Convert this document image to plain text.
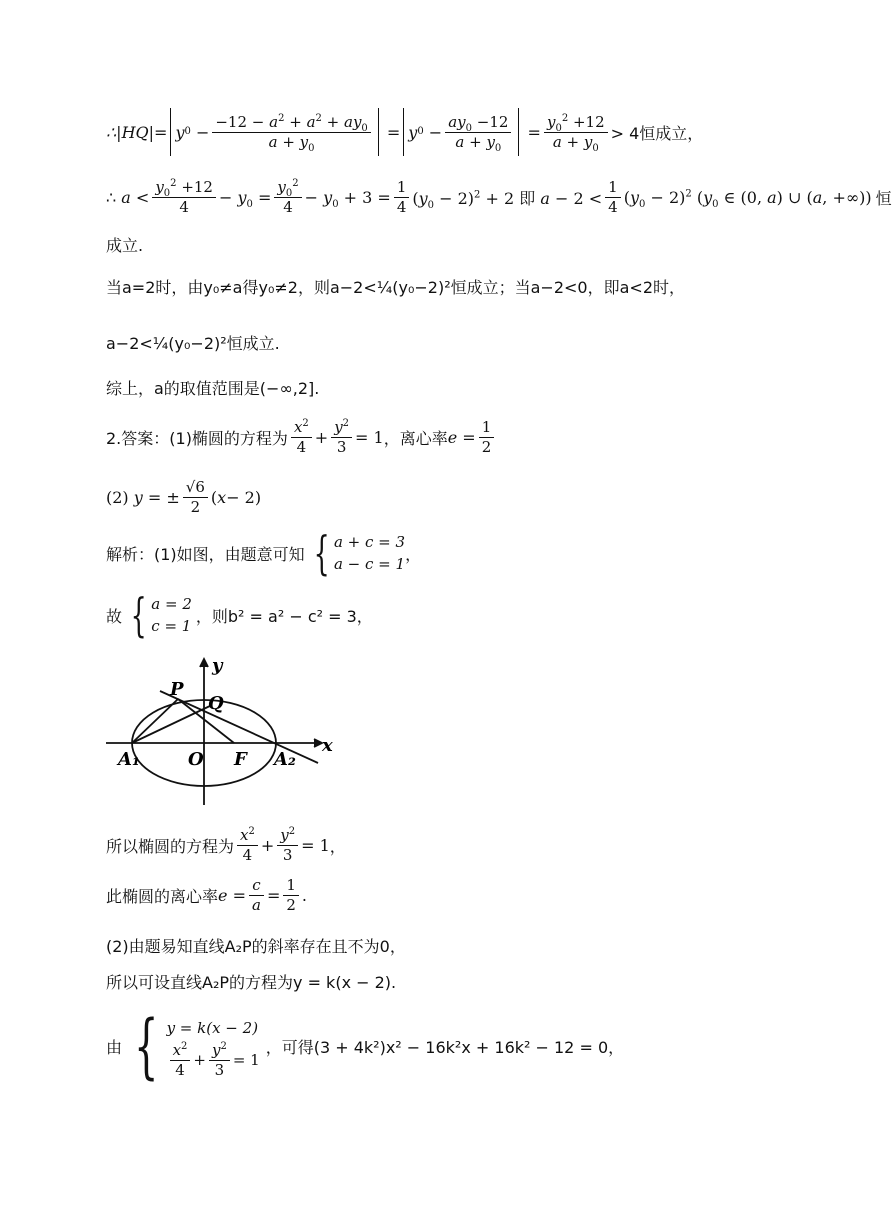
∴|HQ|= y $0 - \frac{-12 - a^2 + a^2 + ay_0}{a + y_0} = y$ $0 - \frac{ay_0 -12}{a + y_0} = \frac{y_0^2 +12}{a + y_0} > 4$恒成立，
∴ $a < \frac{y_0^2 +12}{4} - y_0 = \frac{y_0^2}{4} - y_0 + 3 = \frac{1}{4} (y_0 - 2)^2 + 2$ 即 $a - 2 < \frac{1}{4} (y_0 - 2)^2$ ($y_0$ ∈ (0, a) ∪ (a, +∞)) 恒
成立.
当a=2时，由y₀≠a得y₀≠2，则a−2<¼(y₀−2)²恒成立；当a−2<0，即a<2时，
a−2<¼(y₀−2)²恒成立.
综上，a的取值范围是(−∞,2].
2.答案：(1)椭圆的方程为 $\frac{x^2}{4} + \frac{y^2}{3} = 1$ ，离心率 $e = \frac{1}{2}$
(2)
y = ± $\frac{√6}{2}$ ( x − 2)
解析：(1)如图，由题意可知 { a + c = 3
a − c = 1
，
故 { a = 2
c = 1
，则b² = a² − c² = 3，
y
x
P
Q
O F
A₁	A₂
所以椭圆的方程为 $\frac{x^2}{4} + \frac{y^2}{3} = 1$ ，
此椭圆的离心率 $e = \frac{c}{a} = \frac{1}{2}$ .
(2)由题易知直线A₂P的斜率存在且不为0，
所以可设直线A₂P的方程为y = k(x − 2).
由 { y = k(x − 2)
$\frac{x^2}{4} + \frac{y^2}{3} = 1$
，可得(3 + 4k²)x² − 16k²x + 16k² − 12 = 0，
